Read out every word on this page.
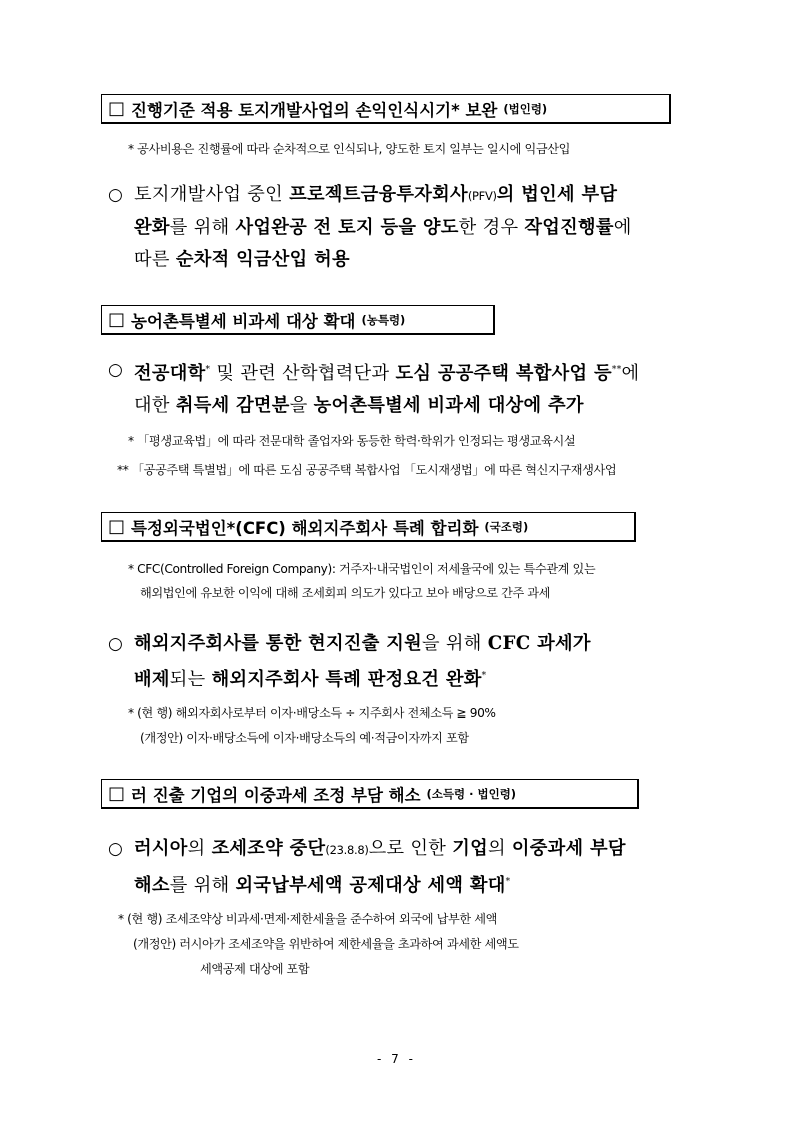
□ 진행기준 적용 토지개발사업의 손익인식시기* 보완 (법인령)
* 공사비용은 진행률에 따라 순차적으로 인식되나, 양도한 토지 일부는 일시에 익금산입
○ 토지개발사업 중인 프로젝트금융투자회사(PFV)의 법인세 부담
완화를 위해 사업완공 전 토지 등을 양도한 경우 작업진행률에
따른 순차적 익금산입 허용
□ 농어촌특별세 비과세 대상 확대 (농특령)
○ 전공대학* 및 관련 산학협력단과 도심 공공주택 복합사업 등**에
대한 취득세 감면분을 농어촌특별세 비과세 대상에 추가
* 「평생교육법」에 따라 전문대학 졸업자와 동등한 학력·학위가 인정되는 평생교육시설
** 「공공주택 특별법」에 따른 도심 공공주택 복합사업 「도시재생법」에 따른 혁신지구재생사업
□ 특정외국법인*(CFC) 해외지주회사 특례 합리화 (국조령)
* CFC(Controlled Foreign Company): 거주자·내국법인이 저세율국에 있는 특수관계 있는
해외법인에 유보한 이익에 대해 조세회피 의도가 있다고 보아 배당으로 간주 과세
○ 해외지주회사를 통한 현지진출 지원을 위해 CFC 과세가
배제되는 해외지주회사 특례 판정요건 완화*
* (현 행) 해외자회사로부터 이자·배당소득 ÷ 지주회사 전체소득 ≧ 90%
(개정안) 이자·배당소득에 이자·배당소득의 예·적금이자까지 포함
□ 러 진출 기업의 이중과세 조정 부담 해소 (소득령 · 법인령)
○ 러시아의 조세조약 중단(23.8.8)으로 인한 기업의 이중과세 부담
해소를 위해 외국납부세액 공제대상 세액 확대*
* (현 행) 조세조약상 비과세·면제·제한세율을 준수하여 외국에 납부한 세액
(개정안) 러시아가 조세조약을 위반하여 제한세율을 초과하여 과세한 세액도
세액공제 대상에 포함
- 7 -
